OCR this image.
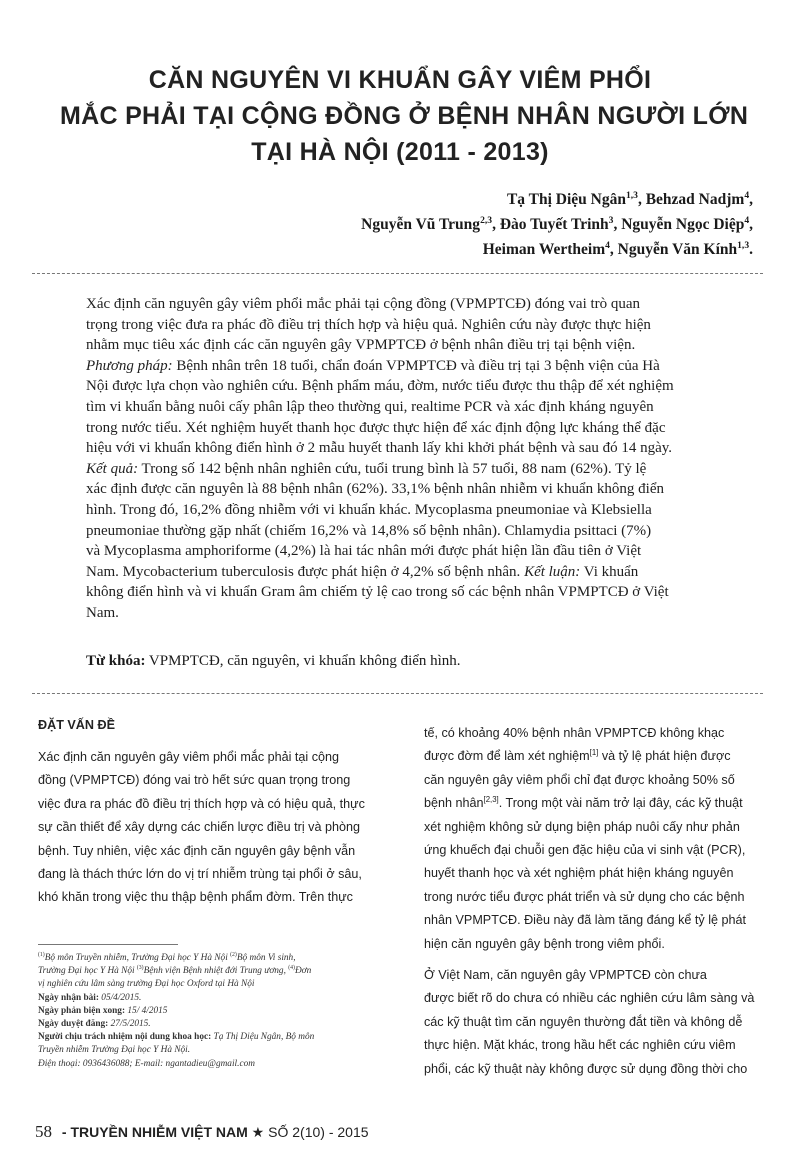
CĂN NGUYÊN VI KHUẨN GÂY VIÊM PHỔI
MẮC PHẢI TẠI CỘNG ĐỒNG Ở BỆNH NHÂN NGƯỜI LỚN
TẠI HÀ NỘI (2011 - 2013)
Tạ Thị Diệu Ngân$^{1,3}$, Behzad Nadjm$^4$,
Nguyễn Vũ Trung$^{2,3}$, Đào Tuyết Trinh$^3$, Nguyễn Ngọc Diệp$^4$,
Heiman Wertheim$^4$, Nguyễn Văn Kính$^{1,3}$.
Xác định căn nguyên gây viêm phổi mắc phải tại cộng đồng (VPMPTCĐ) đóng vai trò quan
trọng trong việc đưa ra phác đồ điều trị thích hợp và hiệu quả. Nghiên cứu này được thực hiện
nhằm mục tiêu xác định các căn nguyên gây VPMPTCĐ ở bệnh nhân điều trị tại bệnh viện.
Phương pháp: Bệnh nhân trên 18 tuổi, chẩn đoán VPMPTCĐ và điều trị tại 3 bệnh viện của Hà
Nội được lựa chọn vào nghiên cứu. Bệnh phẩm máu, đờm, nước tiểu được thu thập để xét nghiệm
tìm vi khuẩn bằng nuôi cấy phân lập theo thường qui, realtime PCR và xác định kháng nguyên
trong nước tiểu. Xét nghiệm huyết thanh học được thực hiện để xác định động lực kháng thể đặc
hiệu với vi khuẩn không điển hình ở 2 mẫu huyết thanh lấy khi khởi phát bệnh và sau đó 14 ngày.
Kết quả: Trong số 142 bệnh nhân nghiên cứu, tuổi trung bình là 57 tuổi, 88 nam (62%). Tỷ lệ
xác định được căn nguyên là 88 bệnh nhân (62%). 33,1% bệnh nhân nhiễm vi khuẩn không điển
hình. Trong đó, 16,2% đồng nhiễm với vi khuẩn khác. Mycoplasma pneumoniae và Klebsiella
pneumoniae thường gặp nhất (chiếm 16,2% và 14,8% số bệnh nhân). Chlamydia psittaci (7%)
và Mycoplasma amphoriforme (4,2%) là hai tác nhân mới được phát hiện lần đầu tiên ở Việt
Nam. Mycobacterium tuberculosis được phát hiện ở 4,2% số bệnh nhân. Kết luận: Vi khuẩn
không điển hình và vi khuẩn Gram âm chiếm tỷ lệ cao trong số các bệnh nhân VPMPTCĐ ở Việt
Nam.
Từ khóa: VPMPTCĐ, căn nguyên, vi khuẩn không điển hình.
ĐẶT VẤN ĐỀ
Xác định căn nguyên gây viêm phổi mắc phải tại cộng
đồng (VPMPTCĐ) đóng vai trò hết sức quan trọng trong
việc đưa ra phác đồ điều trị thích hợp và có hiệu quả, thực
sự cần thiết để xây dựng các chiến lược điều trị và phòng
bệnh. Tuy nhiên, việc xác định căn nguyên gây bệnh vẫn
đang là thách thức lớn do vị trí nhiễm trùng tại phổi ở sâu,
khó khăn trong việc thu thập bệnh phẩm đờm. Trên thực
tế, có khoảng 40% bệnh nhân VPMPTCĐ không khạc
được đờm để làm xét nghiệm[1] và tỷ lệ phát hiện được
căn nguyên gây viêm phổi chỉ đạt được khoảng 50% số
bệnh nhân[2,3]. Trong một vài năm trở lại đây, các kỹ thuật
xét nghiệm không sử dụng biện pháp nuôi cấy như phản
ứng khuếch đại chuỗi gen đặc hiệu của vi sinh vật (PCR),
huyết thanh học và xét nghiệm phát hiện kháng nguyên
trong nước tiểu được phát triển và sử dụng cho các bệnh
nhân VPMPTCĐ. Điều này đã làm tăng đáng kể tỷ lệ phát
hiện căn nguyên gây bệnh trong viêm phổi.
Ở Việt Nam, căn nguyên gây VPMPTCĐ còn chưa
được biết rõ do chưa có nhiều các nghiên cứu lâm sàng và
các kỹ thuật tìm căn nguyên thường đắt tiền và không dễ
thực hiện. Mặt khác, trong hầu hết các nghiên cứu viêm
phổi, các kỹ thuật này không được sử dụng đồng thời cho
$^{(1)}$Bộ môn Truyền nhiễm, Trường Đại học Y Hà Nội $^{(2)}$Bộ môn Vi sinh,
Trường Đại học Y Hà Nội $^{(3)}$Bệnh viện Bệnh nhiệt đới Trung ương, $^{(4)}$Đơn
vị nghiên cứu lâm sàng trường Đại học Oxford tại Hà Nội
Ngày nhận bài: 05/4/2015.
Ngày phản biện xong: 15/ 4/2015
Ngày duyệt đăng: 27/5/2015.
Người chịu trách nhiệm nội dung khoa học: Tạ Thị Diệu Ngân, Bộ môn
Truyền nhiễm Trường Đại học Y Hà Nội.
Điện thoại: 0936436088; E-mail: ngantadieu@gmail.com
58 - TRUYỀN NHIỄM VIỆT NAM ★ SỐ 2(10) - 2015
